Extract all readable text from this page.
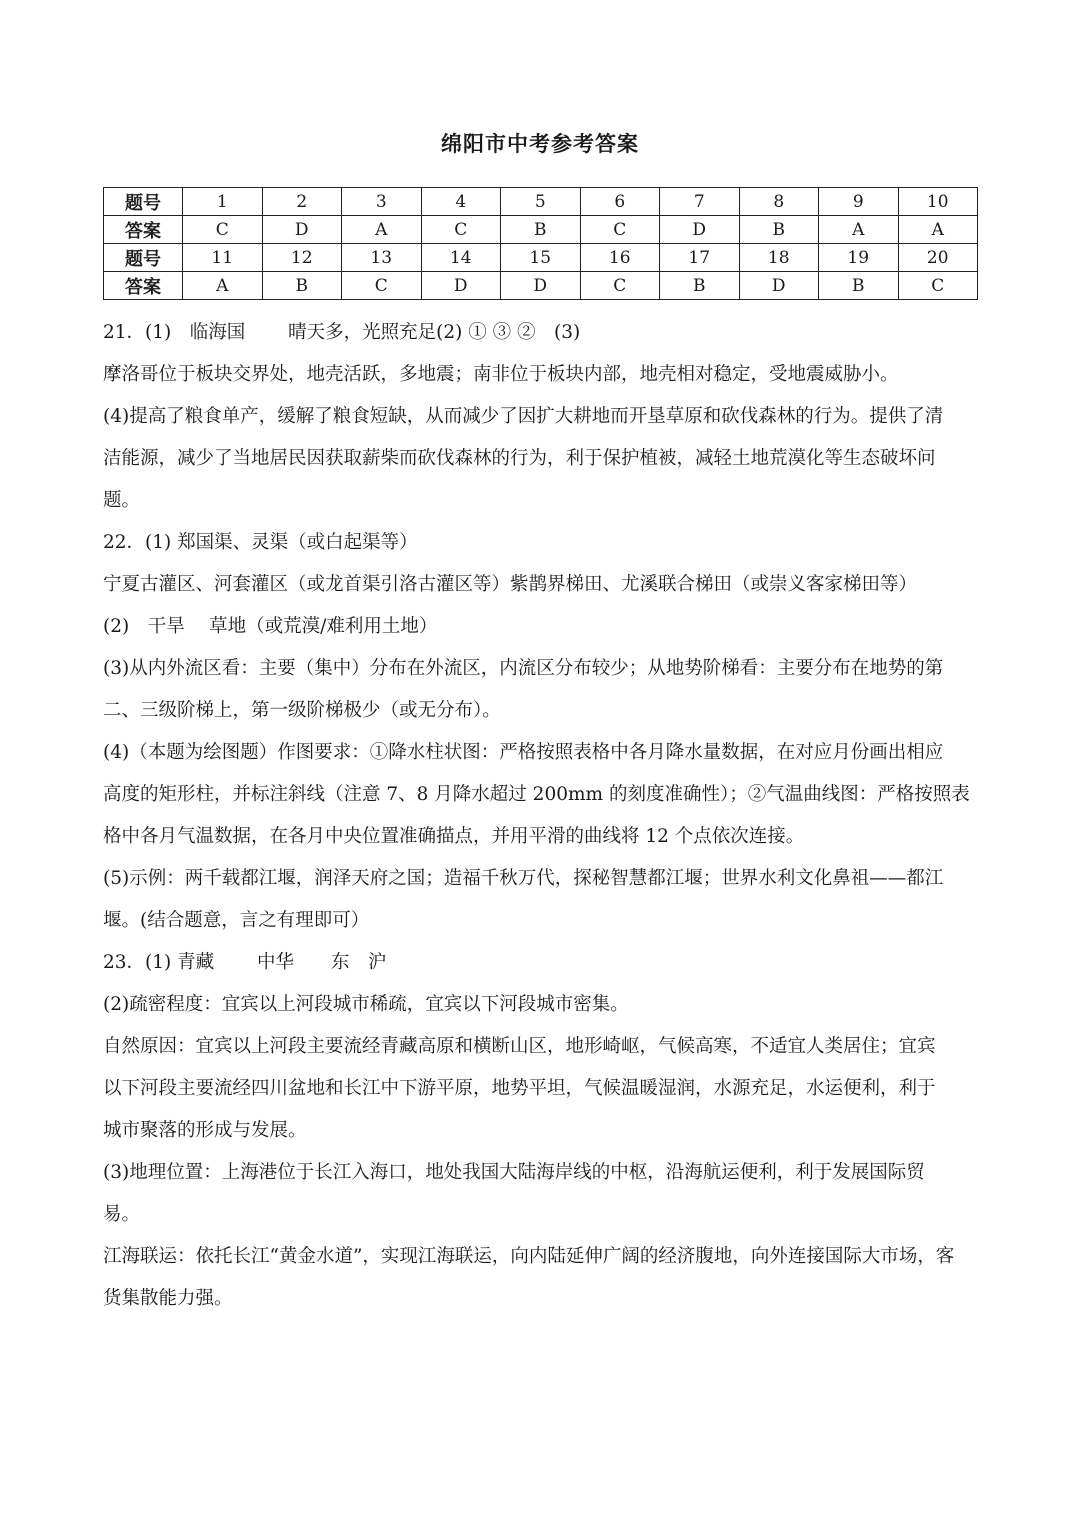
绵阳市中考参考答案
题号	1	2	3	4	5	6	7	8	9	10
答案	C	D	A	C	B	C	D	B	A	A
题号	11	12	13	14	15	16	17	18	19	20
答案	A	B	C	D	D	C	B	D	B	C
21．(1)　临海国　　 晴天多，光照充足(2) ① ③ ②　(3)
摩洛哥位于板块交界处，地壳活跃，多地震；南非位于板块内部，地壳相对稳定，受地震威胁小。
(4)提高了粮食单产，缓解了粮食短缺，从而减少了因扩大耕地而开垦草原和砍伐森林的行为。提供了清
洁能源，减少了当地居民因获取薪柴而砍伐森林的行为，利于保护植被，减轻土地荒漠化等生态破坏问
题。
22．(1) 郑国渠、灵渠（或白起渠等）
宁夏古灌区、河套灌区（或龙首渠引洛古灌区等）紫鹊界梯田、尤溪联合梯田（或崇义客家梯田等）
(2)　干旱　 草地（或荒漠/难利用土地）
(3)从内外流区看：主要（集中）分布在外流区，内流区分布较少；从地势阶梯看：主要分布在地势的第
二、三级阶梯上，第一级阶梯极少（或无分布）。
(4)（本题为绘图题）作图要求：①降水柱状图：严格按照表格中各月降水量数据，在对应月份画出相应
高度的矩形柱，并标注斜线（注意 7、8 月降水超过 200mm 的刻度准确性）；②气温曲线图：严格按照表
格中各月气温数据，在各月中央位置准确描点，并用平滑的曲线将 12 个点依次连接。
(5)示例：两千载都江堰，润泽天府之国；造福千秋万代，探秘智慧都江堰；世界水利文化鼻祖——都江
堰。(结合题意，言之有理即可）
23．(1) 青藏　　 中华　　东　沪
(2)疏密程度：宜宾以上河段城市稀疏，宜宾以下河段城市密集。
自然原因：宜宾以上河段主要流经青藏高原和横断山区，地形崎岖，气候高寒，不适宜人类居住；宜宾
以下河段主要流经四川盆地和长江中下游平原，地势平坦，气候温暖湿润，水源充足，水运便利，利于
城市聚落的形成与发展。
(3)地理位置：上海港位于长江入海口，地处我国大陆海岸线的中枢，沿海航运便利，利于发展国际贸
易。
江海联运：依托长江“黄金水道”，实现江海联运，向内陆延伸广阔的经济腹地，向外连接国际大市场，客
货集散能力强。
